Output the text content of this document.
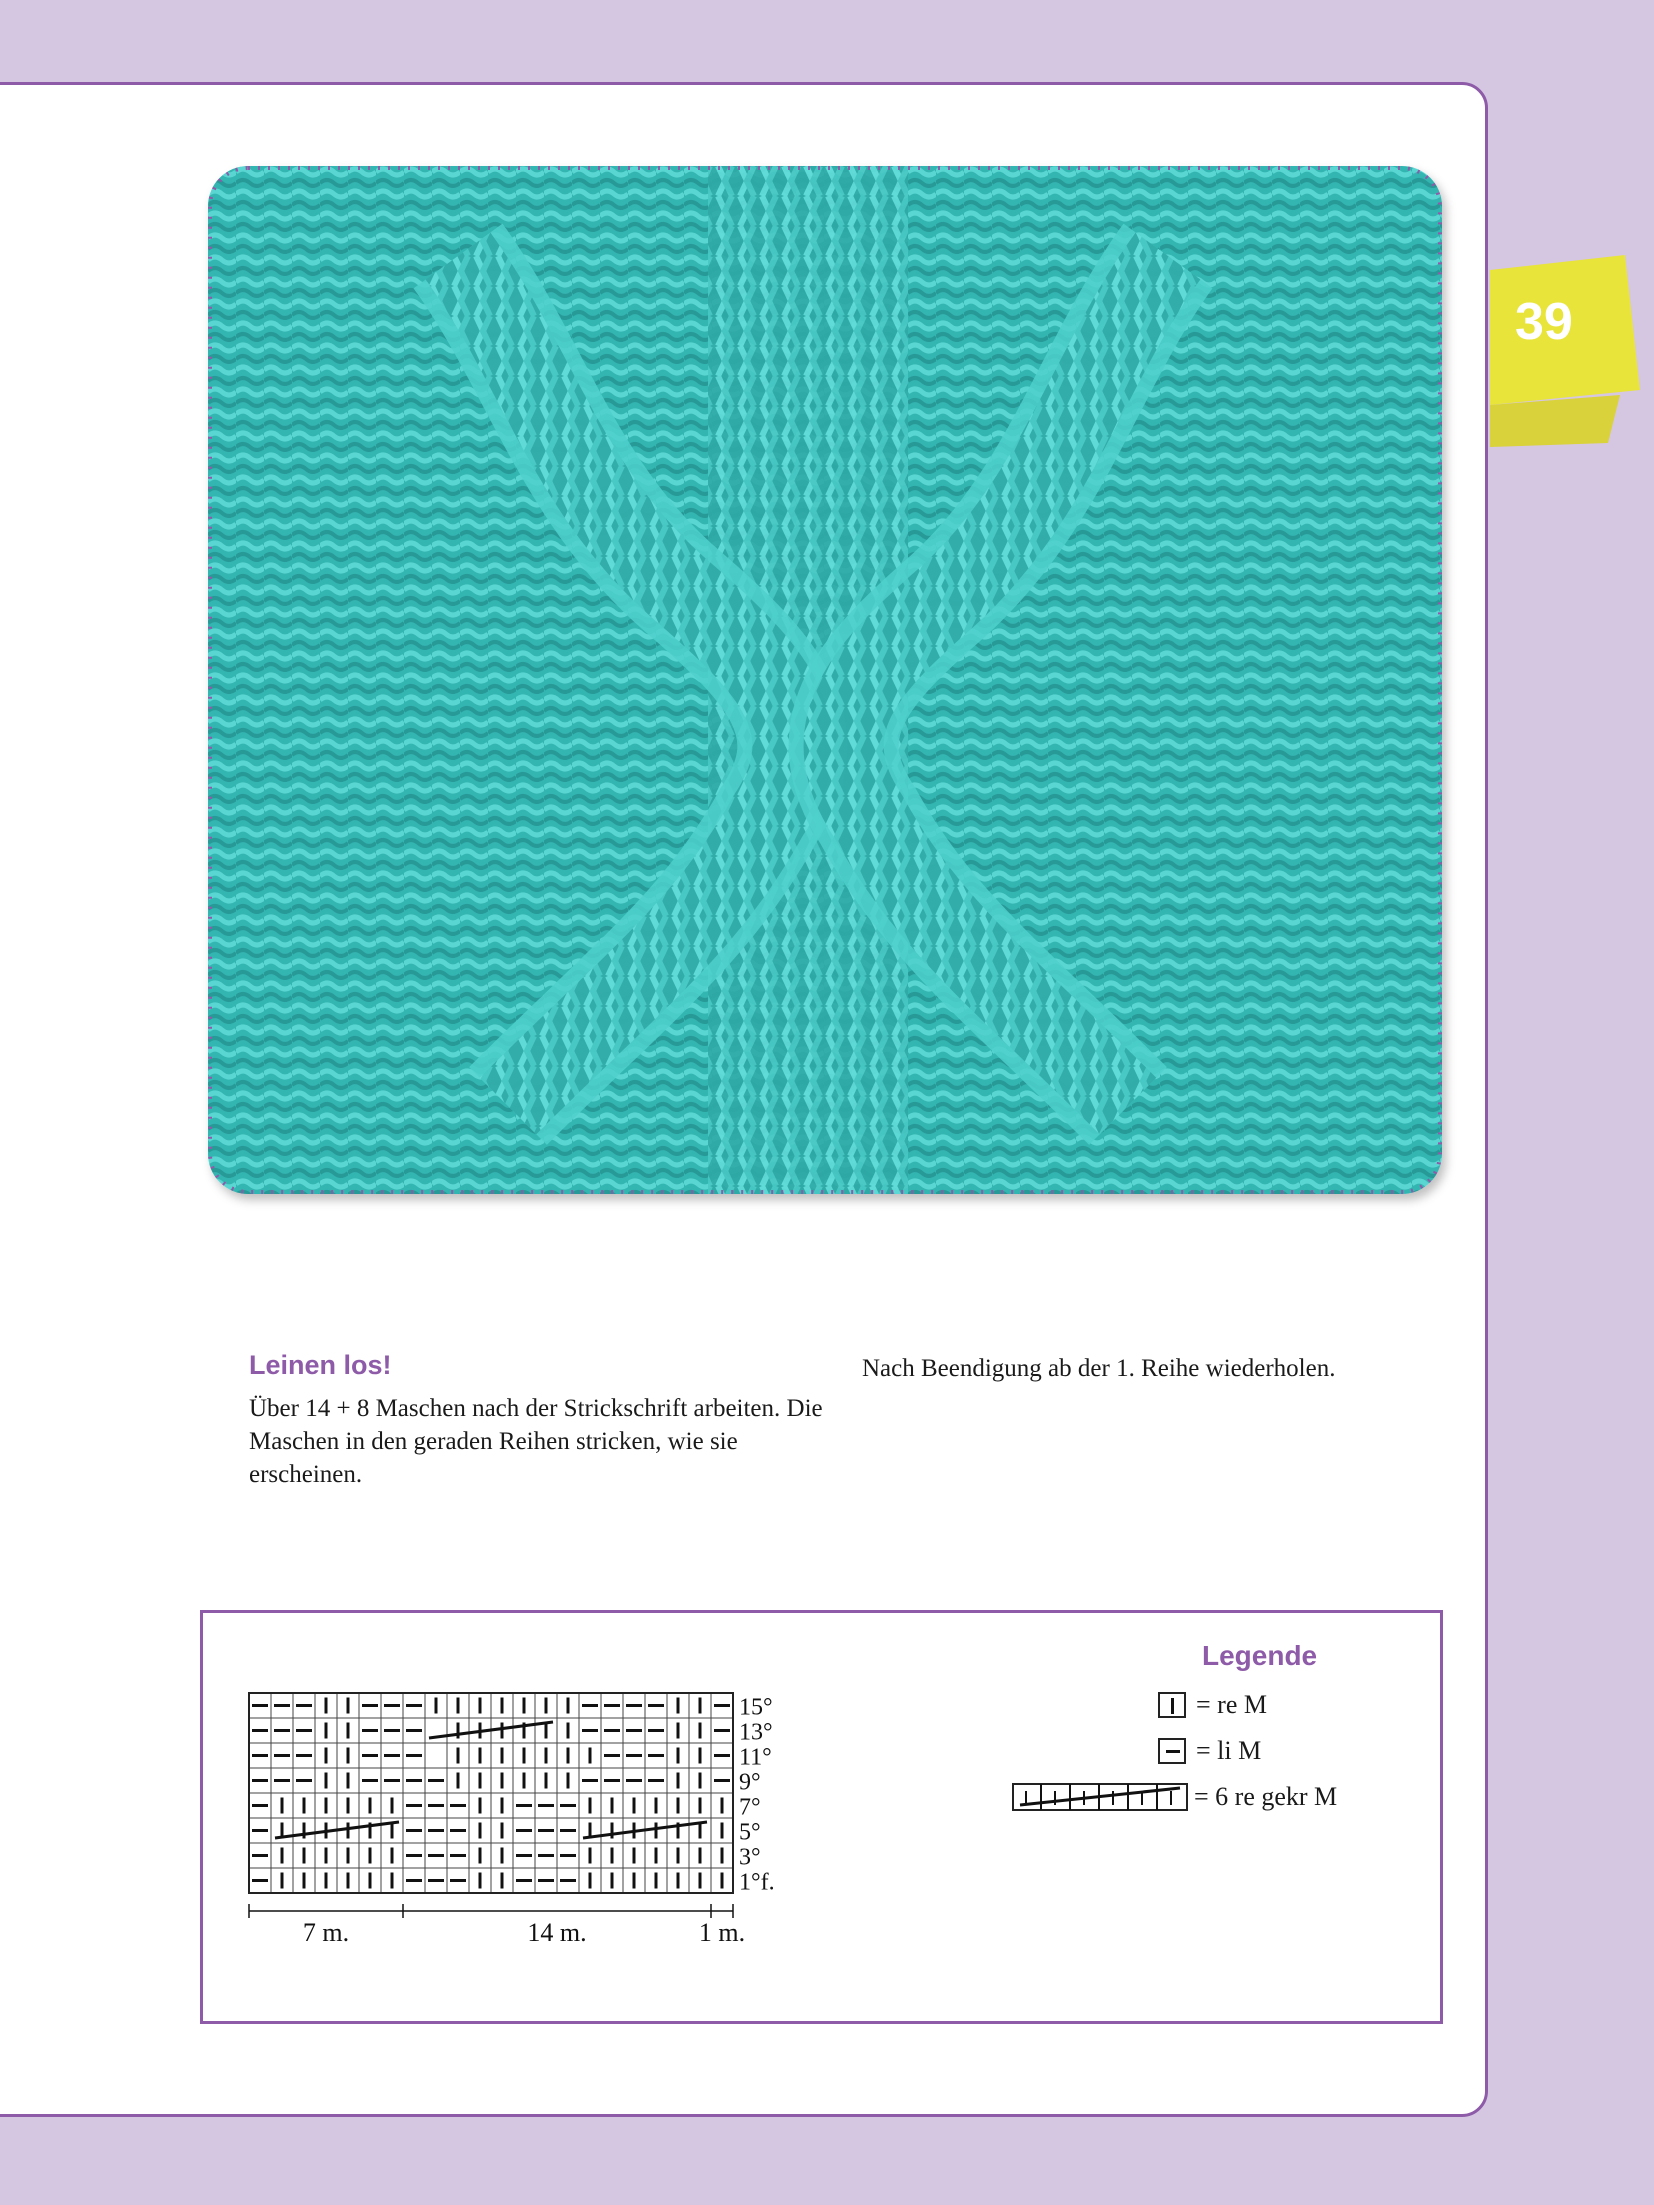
39
Leinen los!
Über 14 + 8 Maschen nach der Strickschrift arbeiten. Die Maschen in den geraden Reihen stricken, wie sie erscheinen.
Nach Beendigung ab der 1. Reihe wiederholen.
15°
13°
11°
9°
7°
5°
3°
1°f.
7 m.	14 m.	1 m.
Legende
= re M
= li M
= 6 re gekr M
